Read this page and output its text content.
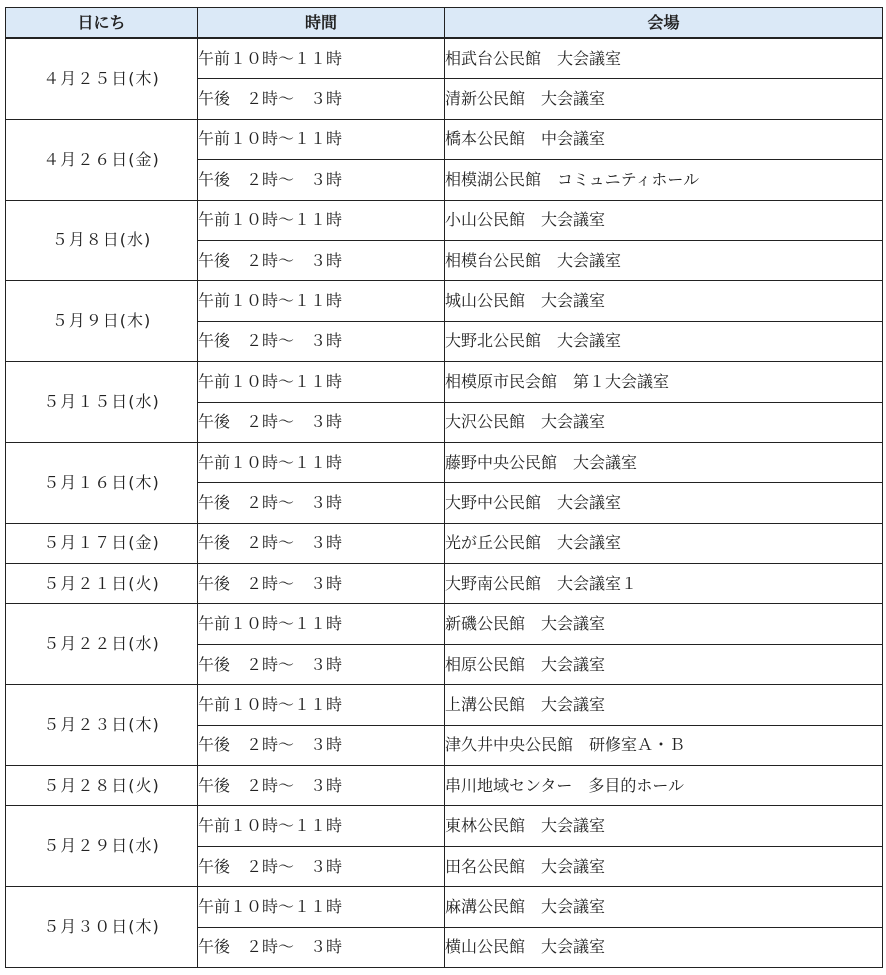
日にち	時間	会場
４月２５日(木)	午前１０時～１１時	相武台公民館　大会議室
	午後　２時～　３時	清新公民館　大会議室
４月２６日(金)	午前１０時～１１時	橋本公民館　中会議室
	午後　２時～　３時	相模湖公民館　コミュニティホール
５月８日(水)	午前１０時～１１時	小山公民館　大会議室
	午後　２時～　３時	相模台公民館　大会議室
５月９日(木)	午前１０時～１１時	城山公民館　大会議室
	午後　２時～　３時	大野北公民館　大会議室
５月１５日(水)	午前１０時～１１時	相模原市民会館　第１大会議室
	午後　２時～　３時	大沢公民館　大会議室
５月１６日(木)	午前１０時～１１時	藤野中央公民館　大会議室
	午後　２時～　３時	大野中公民館　大会議室
５月１７日(金)	午後　２時～　３時	光が丘公民館　大会議室
５月２１日(火)	午後　２時～　３時	大野南公民館　大会議室１
５月２２日(水)	午前１０時～１１時	新磯公民館　大会議室
	午後　２時～　３時	相原公民館　大会議室
５月２３日(木)	午前１０時～１１時	上溝公民館　大会議室
	午後　２時～　３時	津久井中央公民館　研修室Ａ・Ｂ
５月２８日(火)	午後　２時～　３時	串川地域センター　多目的ホール
５月２９日(水)	午前１０時～１１時	東林公民館　大会議室
	午後　２時～　３時	田名公民館　大会議室
５月３０日(木)	午前１０時～１１時	麻溝公民館　大会議室
	午後　２時～　３時	横山公民館　大会議室
